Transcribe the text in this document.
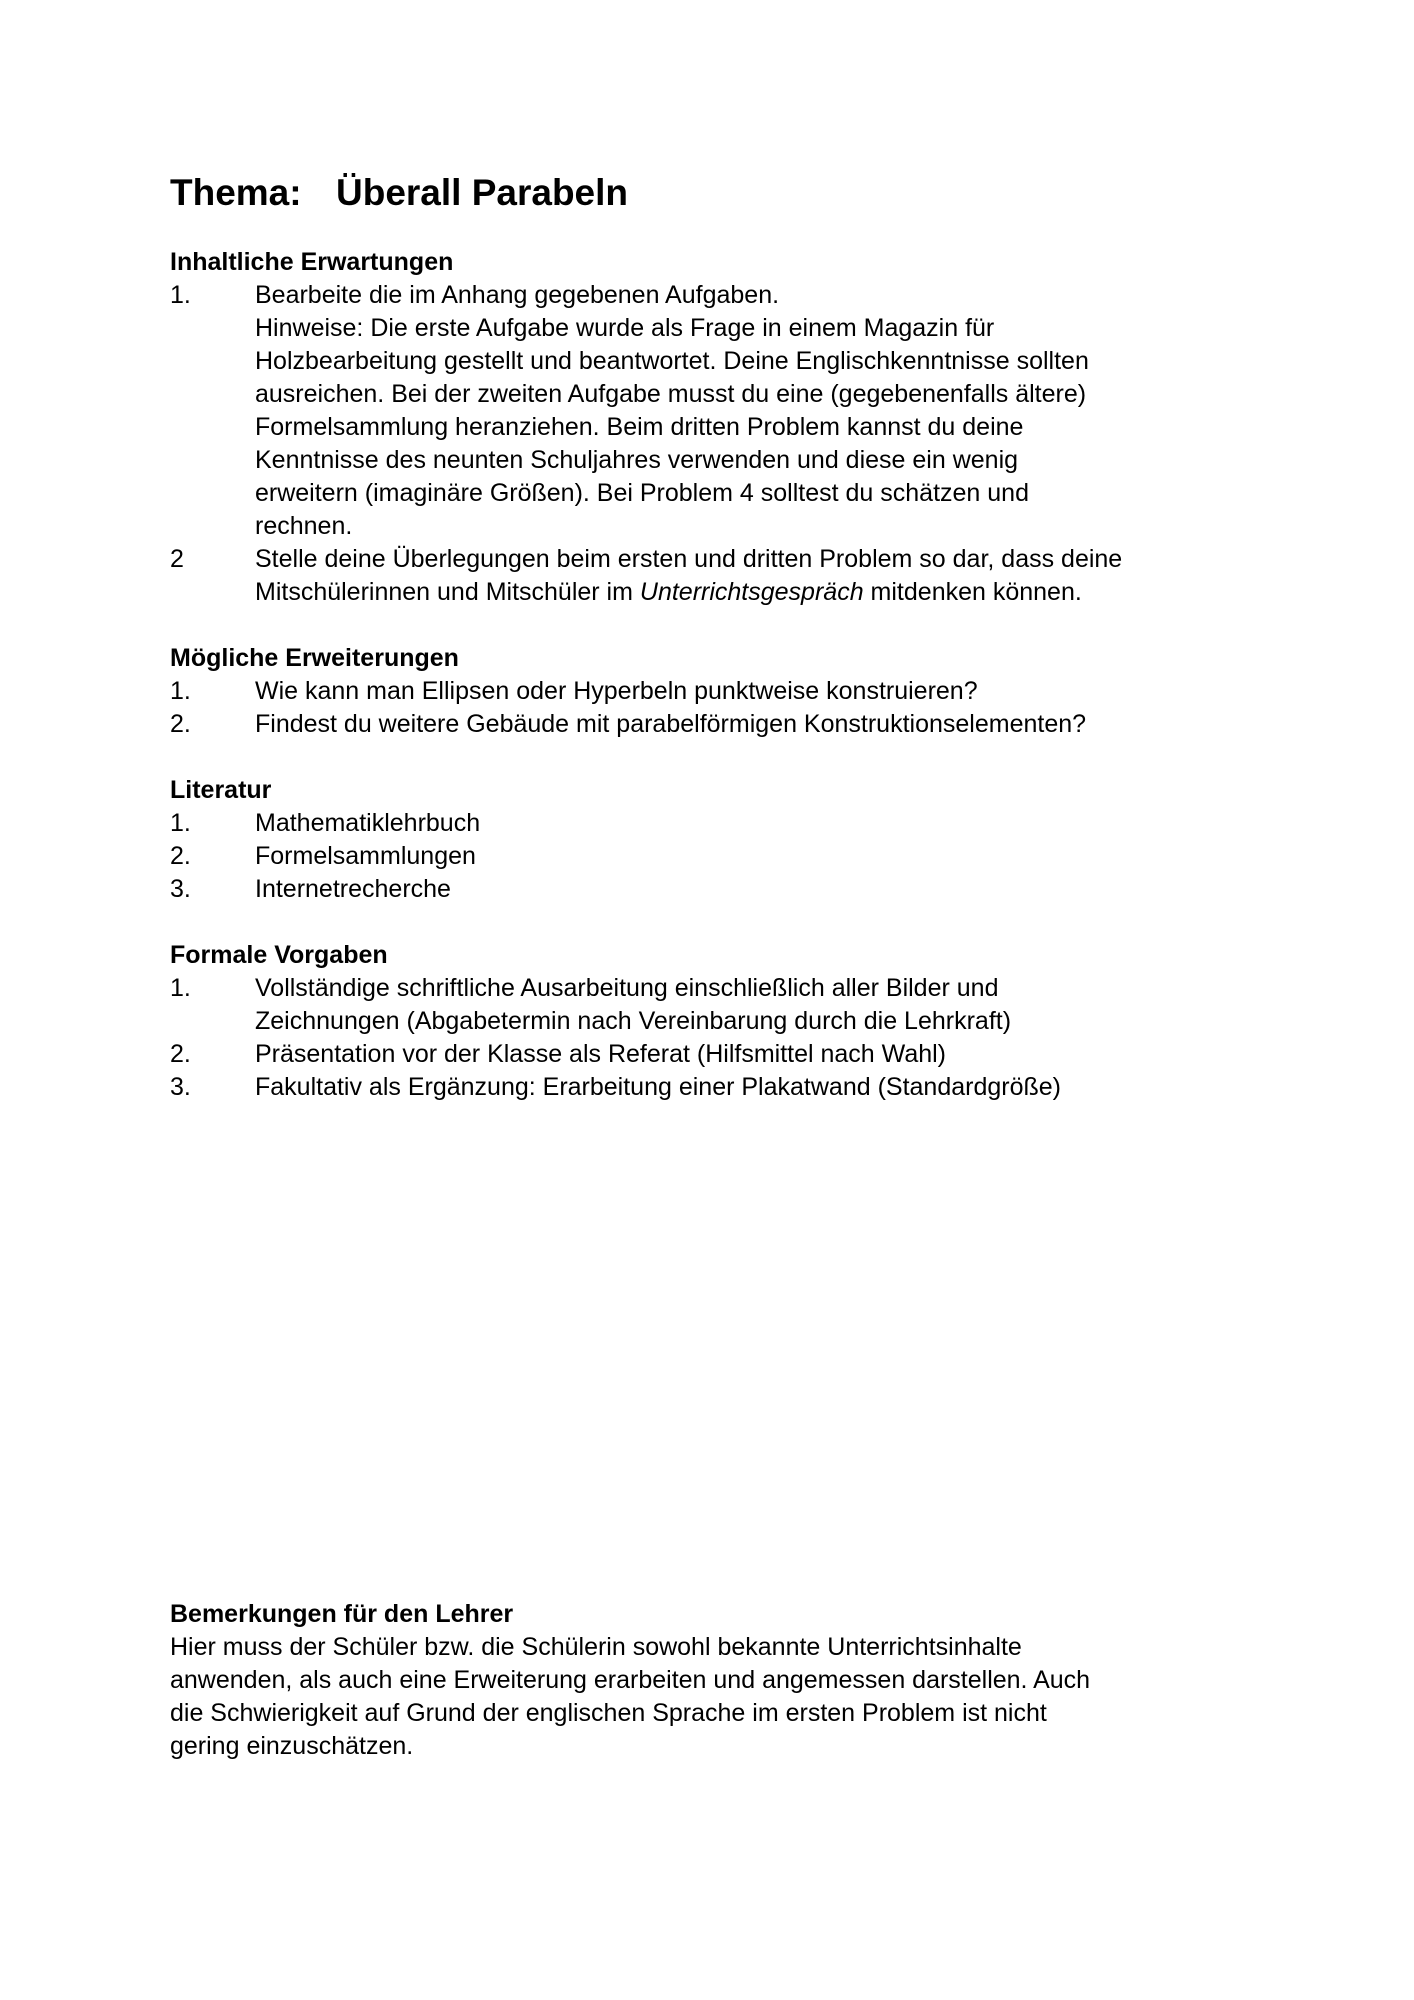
Thema: Überall Parabeln
Inhaltliche Erwartungen
1.	Bearbeite die im Anhang gegebenen Aufgaben.
Hinweise: Die erste Aufgabe wurde als Frage in einem Magazin für
Holzbearbeitung gestellt und beantwortet. Deine Englischkenntnisse sollten
ausreichen. Bei der zweiten Aufgabe musst du eine (gegebenenfalls ältere)
Formelsammlung heranziehen. Beim dritten Problem kannst du deine
Kenntnisse des neunten Schuljahres verwenden und diese ein wenig
erweitern (imaginäre Größen). Bei Problem 4 solltest du schätzen und
rechnen.
2	Stelle deine Überlegungen beim ersten und dritten Problem so dar, dass deine
Mitschülerinnen und Mitschüler im Unterrichtsgespräch mitdenken können.
Mögliche Erweiterungen
1.	Wie kann man Ellipsen oder Hyperbeln punktweise konstruieren?
2.	Findest du weitere Gebäude mit parabelförmigen Konstruktionselementen?
Literatur
1.	Mathematiklehrbuch
2.	Formelsammlungen
3.	Internetrecherche
Formale Vorgaben
1.	Vollständige schriftliche Ausarbeitung einschließlich aller Bilder und
Zeichnungen (Abgabetermin nach Vereinbarung durch die Lehrkraft)
2.	Präsentation vor der Klasse als Referat (Hilfsmittel nach Wahl)
3.	Fakultativ als Ergänzung: Erarbeitung einer Plakatwand (Standardgröße)
Bemerkungen für den Lehrer
Hier muss der Schüler bzw. die Schülerin sowohl bekannte Unterrichtsinhalte
anwenden, als auch eine Erweiterung erarbeiten und angemessen darstellen. Auch
die Schwierigkeit auf Grund der englischen Sprache im ersten Problem ist nicht
gering einzuschätzen.
